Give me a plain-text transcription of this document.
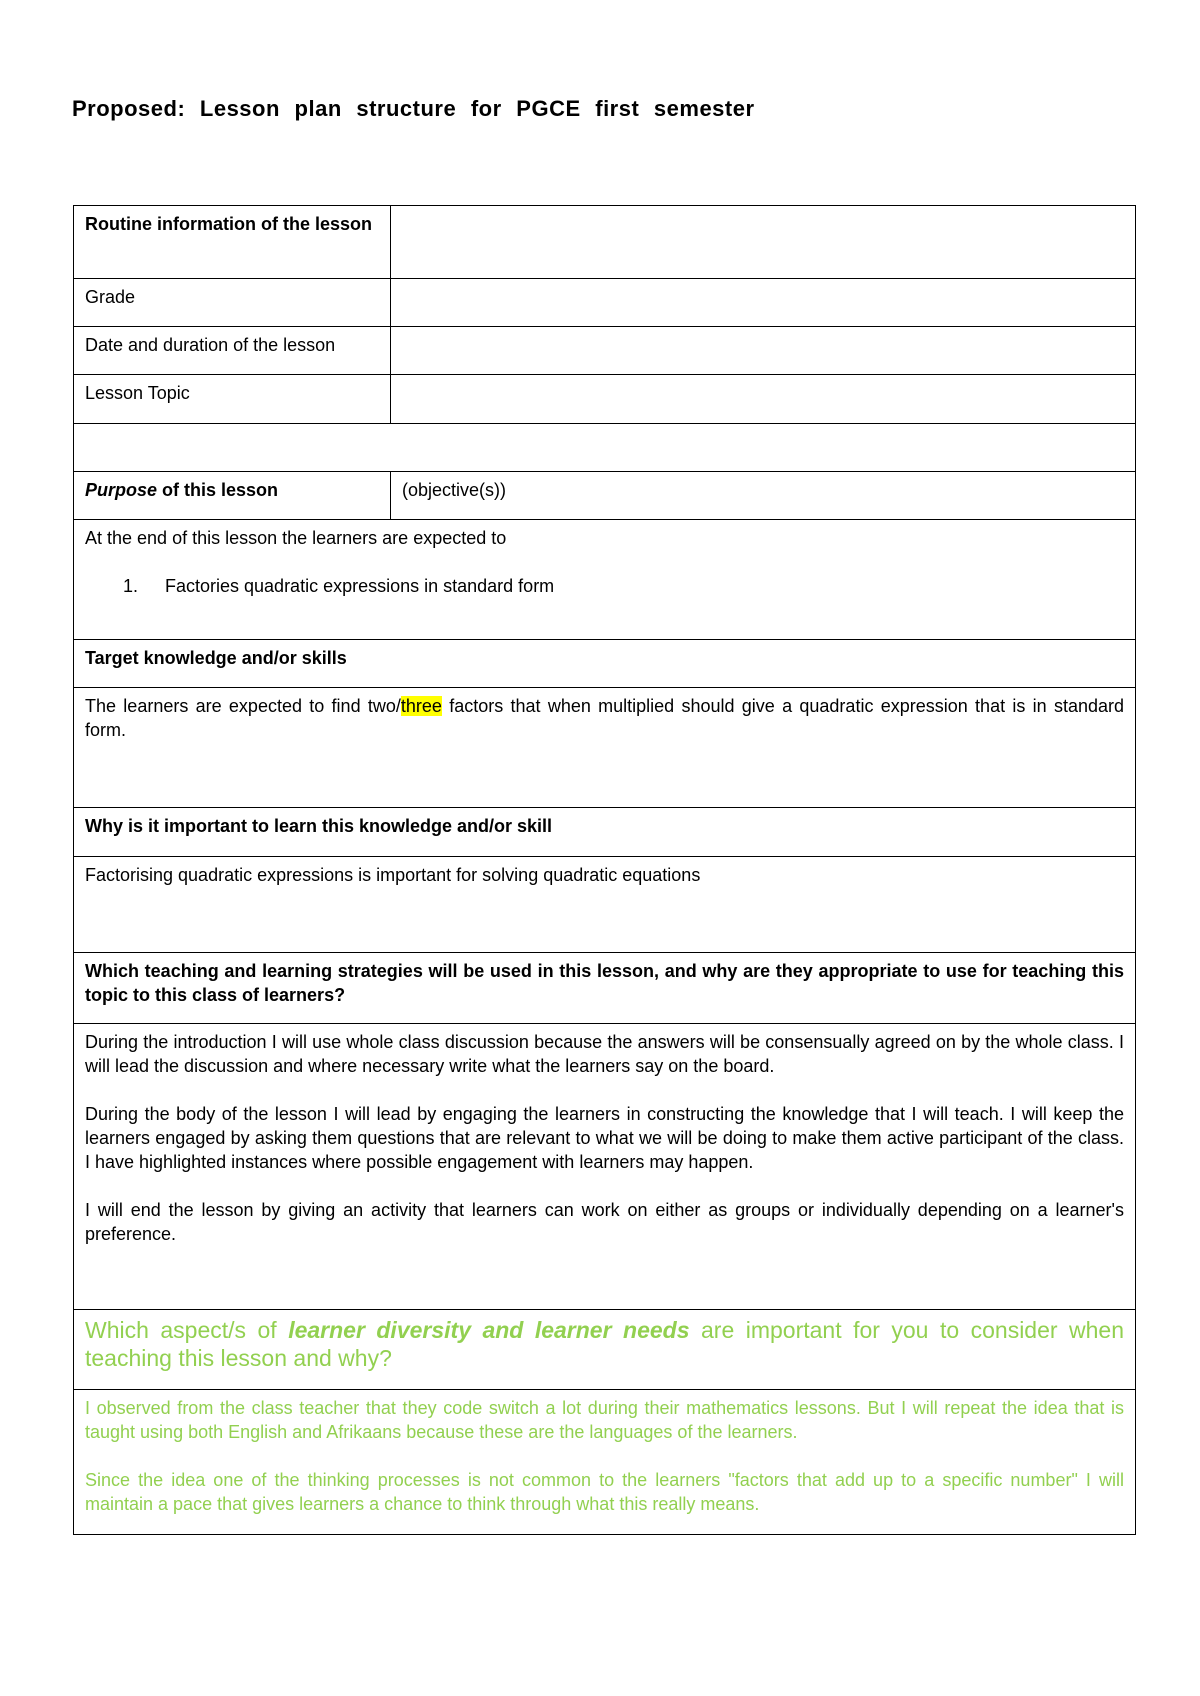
Proposed: Lesson plan structure for PGCE first semester
Routine information of the lesson
Grade
Date and duration of the lesson
Lesson Topic
Purpose of this lesson	(objective(s))

At the end of this lesson the learners are expected to

1.	Factories quadratic expressions in standard form
Target knowledge and/or skills
The learners are expected to find two/three factors that when multiplied should give a quadratic expression that is in standard form.
Why is it important to learn this knowledge and/or skill
Factorising quadratic expressions is important for solving quadratic equations
Which teaching and learning strategies will be used in this lesson, and why are they appropriate to use for teaching this topic to this class of learners?

During the introduction I will use whole class discussion because the answers will be consensually agreed on by the whole class. I will lead the discussion and where necessary write what the learners say on the board.

During the body of the lesson I will lead by engaging the learners in constructing the knowledge that I will teach. I will keep the learners engaged by asking them questions that are relevant to what we will be doing to make them active participant of the class. I have highlighted instances where possible engagement with learners may happen.

I will end the lesson by giving an activity that learners can work on either as groups or individually depending on a learner's preference.

Which aspect/s of learner diversity and learner needs are important for you to consider when teaching this lesson and why?

I observed from the class teacher that they code switch a lot during their mathematics lessons. But I will repeat the idea that is taught using both English and Afrikaans because these are the languages of the learners.

Since the idea one of the thinking processes is not common to the learners "factors that add up to a specific number" I will maintain a pace that gives learners a chance to think through what this really means.
